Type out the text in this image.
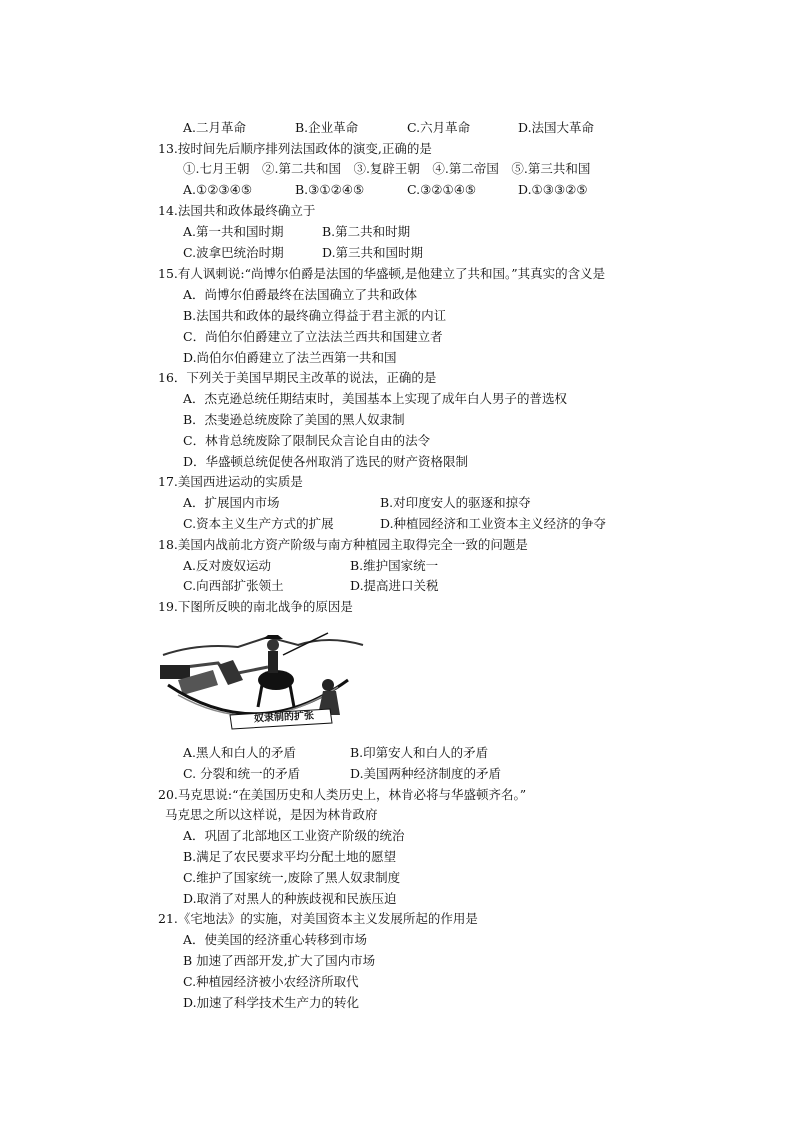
A.二月革命	B.企业革命	C.六月革命	D.法国大革命
13.按时间先后顺序排列法国政体的演变,正确的是
①.七月王朝　②.第二共和国　③.复辟王朝　④.第二帝国　⑤.第三共和国
A.①②③④⑤	B.③①②④⑤	C.③②①④⑤	D.①③③②⑤
14.法国共和政体最终确立于
A.第一共和国时期	B.第二共和时期
C.波拿巴统治时期	D.第三共和国时期
15.有人讽刺说:“尚博尔伯爵是法国的华盛顿,是他建立了共和国。”其真实的含义是
A．尚博尔伯爵最终在法国确立了共和政体
B.法国共和政体的最终确立得益于君主派的内讧
C．尚伯尔伯爵建立了立法法兰西共和国建立者
D.尚伯尔伯爵建立了法兰西第一共和国
16．下列关于美国早期民主改革的说法，正确的是
A．杰克逊总统任期结束时，美国基本上实现了成年白人男子的普选权
B．杰斐逊总统废除了美国的黑人奴隶制
C．林肯总统废除了限制民众言论自由的法令
D．华盛顿总统促使各州取消了选民的财产资格限制
17.美国西进运动的实质是
A．扩展国内市场	B.对印度安人的驱逐和掠夺
C.资本主义生产方式的扩展	D.种植园经济和工业资本主义经济的争夺
18.美国内战前北方资产阶级与南方种植园主取得完全一致的问题是
A.反对废奴运动	B.维护国家统一
C.向西部扩张领土	D.提高进口关税
19.下图所反映的南北战争的原因是
奴隶制的扩张
A.黑人和白人的矛盾	B.印第安人和白人的矛盾
C. 分裂和统一的矛盾	D.美国两种经济制度的矛盾
20.马克思说:“在美国历史和人类历史上，林肯必将与华盛顿齐名。”
马克思之所以这样说，是因为林肯政府
A．巩固了北部地区工业资产阶级的统治
B.满足了农民要求平均分配土地的愿望
C.维护了国家统一,废除了黑人奴隶制度
D.取消了对黑人的种族歧视和民族压迫
21.《宅地法》的实施，对美国资本主义发展所起的作用是
A．使美国的经济重心转移到市场
B 加速了西部开发,扩大了国内市场
C.种植园经济被小农经济所取代
D.加速了科学技术生产力的转化
